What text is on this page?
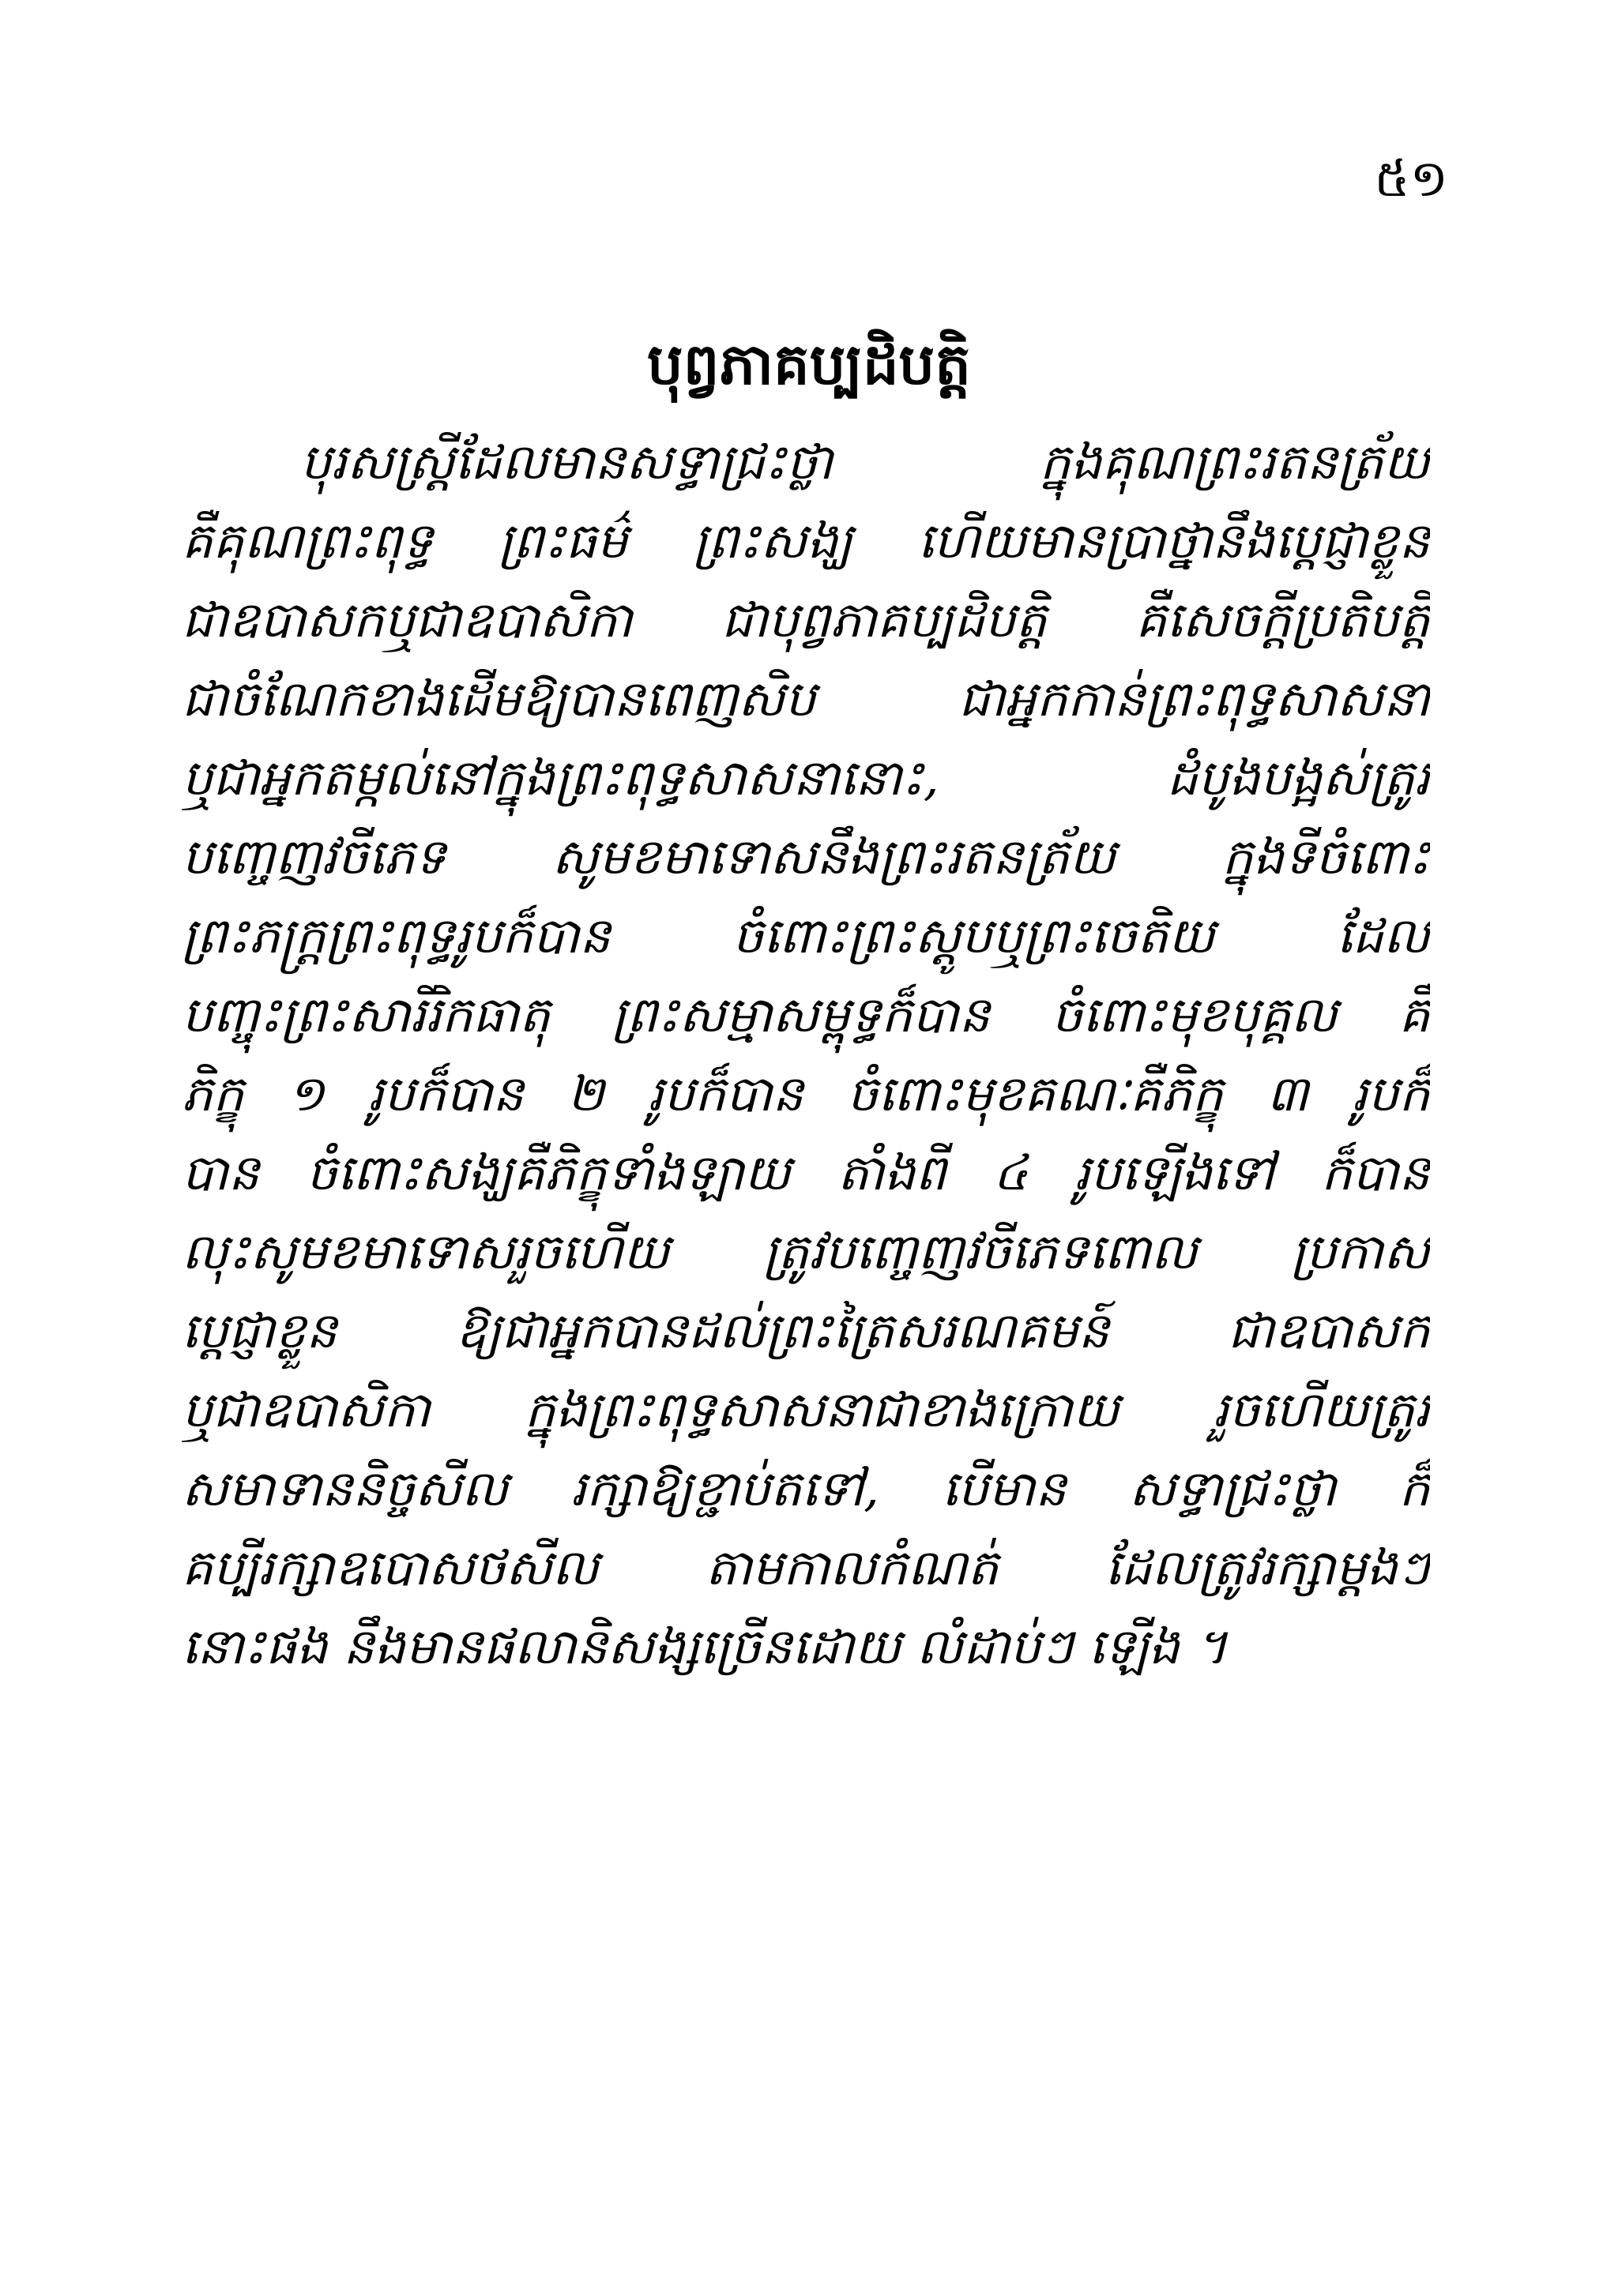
៥១
បុព្វភាគប្បដិបត្តិ
បុរសស្ត្រីដែលមានសទ្ធាជ្រះថ្លា ក្នុងគុណព្រះរតនត្រ័យ
គឺគុណព្រះពុទ្ធ ព្រះធម៌ ព្រះសង្ឃ ហើយមានប្រាថ្នានឹងប្តេជ្ញាខ្លួន
ជាឧបាសកឬជាឧបាសិកា ជាបុព្វភាគប្បដិបត្តិ គឺសេចក្តីប្រតិបត្តិ
ជាចំណែកខាងដើមឱ្យបានពេញសិប ជាអ្នកកាន់ព្រះពុទ្ធសាសនា
ឬជាអ្នកតម្កល់នៅក្នុងព្រះពុទ្ធសាសនានោះ, ដំបូងបង្អស់ត្រូវ
បញ្ចេញវចីភេទ សូមខមាទោសនឹងព្រះរតនត្រ័យ ក្នុងទីចំពោះ
ព្រះភក្ត្រព្រះពុទ្ធរូបក៏បាន ចំពោះព្រះស្តូបឬព្រះចេតិយ ដែល
បញ្ចុះព្រះសារីរិកធាតុ ព្រះសម្មាសម្ពុទ្ធក៏បាន ចំពោះមុខបុគ្គល គឺ
ភិក្ខុ ១ រូបក៏បាន ២ រូបក៏បាន ចំពោះមុខគណៈគឺភិក្ខុ ៣ រូបក៏
បាន ចំពោះសង្ឃគឺភិក្ខុទាំងឡាយ តាំងពី ៤ រូបឡើងទៅ ក៏បាន
លុះសូមខមាទោសរួចហើយ ត្រូវបញ្ចេញវចីភេទពោល ប្រកាស
ប្តេជ្ញាខ្លួន ឱ្យជាអ្នកបានដល់ព្រះត្រៃសរណគមន៍ ជាឧបាសក
ឬជាឧបាសិកា ក្នុងព្រះពុទ្ធសាសនាជាខាងក្រោយ រួចហើយត្រូវ
សមាទាននិច្ចសីល រក្សាឱ្យខ្ជាប់តទៅ, បើមាន សទ្ធាជ្រះថ្លា ក៏
គប្បីរក្សាឧបោសថសីល តាមកាលកំណត់ ដែលត្រូវរក្សាម្តងៗ
នោះផង នឹងមានផលានិសង្សច្រើនដោយ លំដាប់ៗ ឡើង ។
